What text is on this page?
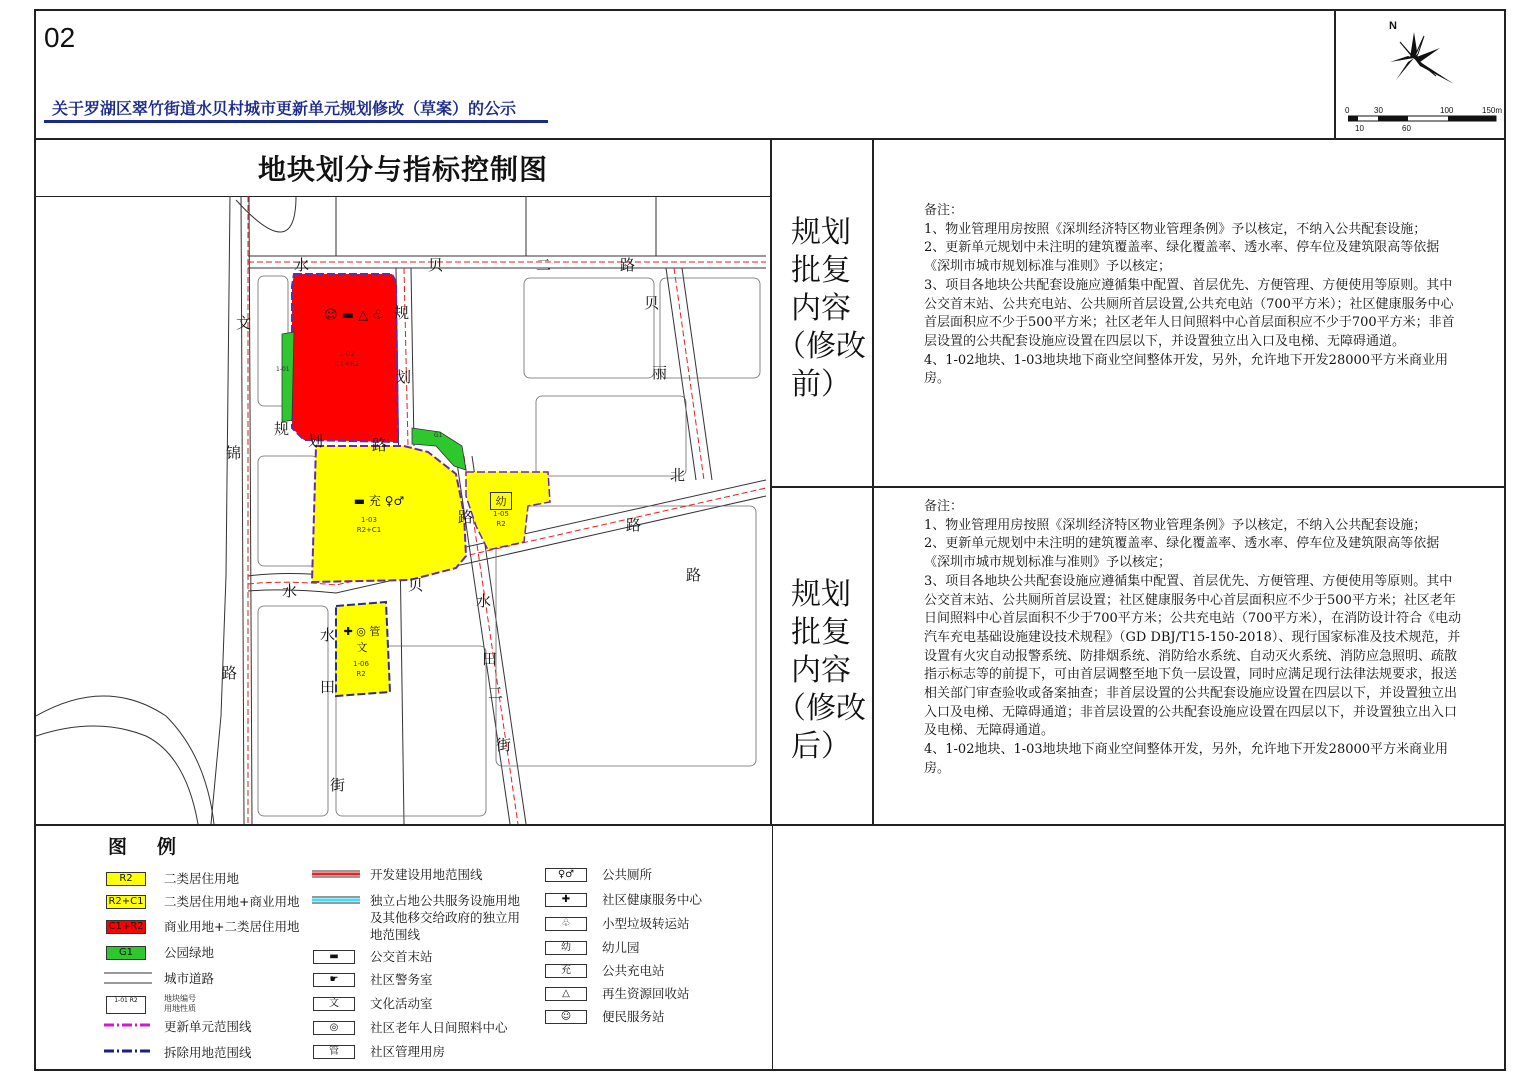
02
关于罗湖区翠竹街道水贝村城市更新单元规划修改（草案）的公示
N
0	30	100	150m
10	60
地块划分与指标控制图
水	贝	二	路
文
锦
路
贝
丽
北
路
水	贝
路
规
划
规
划	路
路
水
田
二
街
水
田
街
☺ ▬ △ ♧
1-02
C1+R2
▬ 充 ♀♂
1-03
R2+C1
幼
1-05
R2
✚ ◎ 管 文
1-06
R2
1-01
G1
规划
批复
内容
（修改
前）
规划
批复
内容
（修改
后）

备注：

1、物业管理用房按照《深圳经济特区物业管理条例》予以核定，不纳入公共配套设施；

2、更新单元规划中未注明的建筑覆盖率、绿化覆盖率、透水率、停车位及建筑限高等依据《深圳市城市规划标准与准则》予以核定；

3、项目各地块公共配套设施应遵循集中配置、首层优先、方便管理、方便使用等原则。其中公交首末站、公共充电站、公共厕所首层设置,公共充电站（700平方米）；社区健康服务中心首层面积应不少于500平方米；社区老年人日间照料中心首层面积应不少于700平方米；非首层设置的公共配套设施应设置在四层以下，并设置独立出入口及电梯、无障碍通道。

4、1-02地块、1-03地块地下商业空间整体开发，另外，允许地下开发28000平方米商业用房。

备注：

1、物业管理用房按照《深圳经济特区物业管理条例》予以核定，不纳入公共配套设施；

2、更新单元规划中未注明的建筑覆盖率、绿化覆盖率、透水率、停车位及建筑限高等依据《深圳市城市规划标准与准则》予以核定；

3、项目各地块公共配套设施应遵循集中配置、首层优先、方便管理、方便使用等原则。其中公交首末站、公共厕所首层设置；社区健康服务中心首层面积应不少于500平方米；社区老年日间照料中心首层面积不少于700平方米；公共充电站（700平方米），在消防设计符合《电动汽车充电基础设施建设技术规程》（GD DBJ/T15-150-2018）、现行国家标准及技术规范，并设置有火灾自动报警系统、防排烟系统、消防给水系统、自动灭火系统、消防应急照明、疏散指示标志等的前提下，可由首层调整至地下负一层设置，同时应满足现行法律法规要求，报送相关部门审查验收或备案抽查；非首层设置的公共配套设施应设置在四层以下，并设置独立出入口及电梯、无障碍通道；非首层设置的公共配套设施应设置在四层以下，并设置独立出入口及电梯、无障碍通道。

4、1-02地块、1-03地块地下商业空间整体开发，另外，允许地下开发28000平方米商业用房。

图例
R2	二类居住用地
R2+C1 二类居住用地+商业用地
C1+R2 商业用地+二类居住用地
G1	公园绿地
城市道路
1-01 R2	地块编号
用地性质
更新单元范围线
拆除用地范围线
开发建设用地范围线
独立占地公共服务设施用地及其他移交给政府的独立用地范围线
▬	公交首末站
☛	社区警务室
文	文化活动室
◎	社区老年人日间照料中心
管	社区管理用房
♀♂	公共厕所
✚	社区健康服务中心
♧	小型垃圾转运站
幼	幼儿园
充	公共充电站
△	再生资源回收站
☺	便民服务站
